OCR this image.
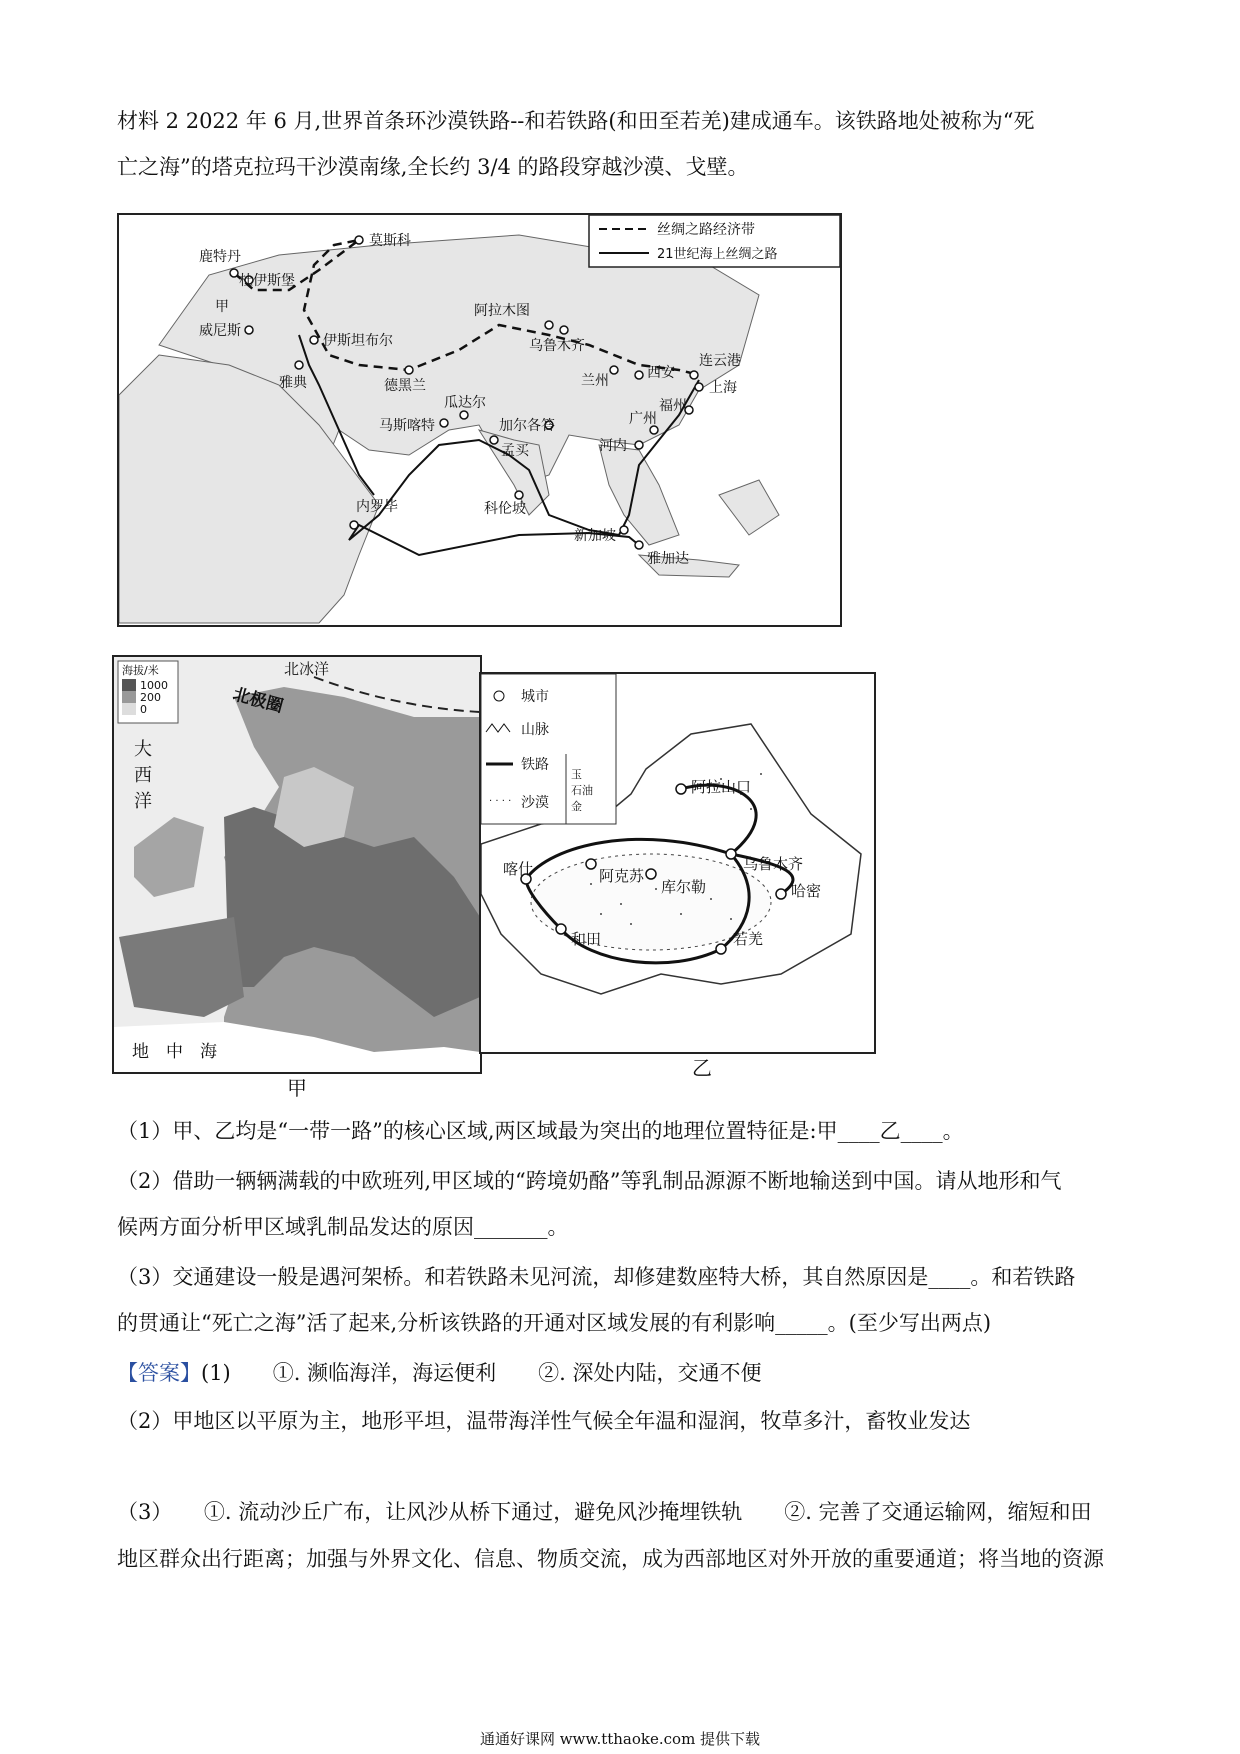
材料 2 2022 年 6 月,世界首条环沙漠铁路--和若铁路(和田至若羌)建成通车。该铁路地处被称为“死
亡之海”的塔克拉玛干沙漠南缘,全长约 3/4 的路段穿越沙漠、戈壁。
丝绸之路经济带
21世纪海上丝绸之路
莫斯科
鹿特丹
杜伊斯堡
甲
威尼斯
伊斯坦布尔
雅典
阿拉木图
乌鲁木齐
兰州	西安
连云港
上海
福州
广州
河内
德黑兰
瓜达尔
马斯喀特	加尔各答
孟买
科伦坡
内罗毕
新加坡
雅加达
海拔/米
1000
200
0
北冰洋
北极圈
大
西
洋
地　中　海
甲
城市
山脉
铁路
· · · · 沙漠
玉
石油
金
阿拉山口
乌鲁木齐
哈密
喀什	阿克苏
库尔勒
和田	若羌
乙
（1）甲、乙均是“一带一路”的核心区域,两区域最为突出的地理位置特征是:甲____乙____。
（2）借助一辆辆满载的中欧班列,甲区域的“跨境奶酪”等乳制品源源不断地输送到中国。请从地形和气
候两方面分析甲区域乳制品发达的原因_______。
（3）交通建设一般是遇河架桥。和若铁路未见河流，却修建数座特大桥，其自然原因是____。和若铁路
的贯通让“死亡之海”活了起来,分析该铁路的开通对区域发展的有利影响_____。(至少写出两点)
【答案】(1)　　①. 濒临海洋，海运便利　　②. 深处内陆，交通不便
（2）甲地区以平原为主，地形平坦，温带海洋性气候全年温和湿润，牧草多汁，畜牧业发达
（3）　　①. 流动沙丘广布，让风沙从桥下通过，避免风沙掩埋铁轨　　②. 完善了交通运输网，缩短和田
地区群众出行距离；加强与外界文化、信息、物质交流，成为西部地区对外开放的重要通道；将当地的资源
通通好课网 www.tthaoke.com 提供下载
